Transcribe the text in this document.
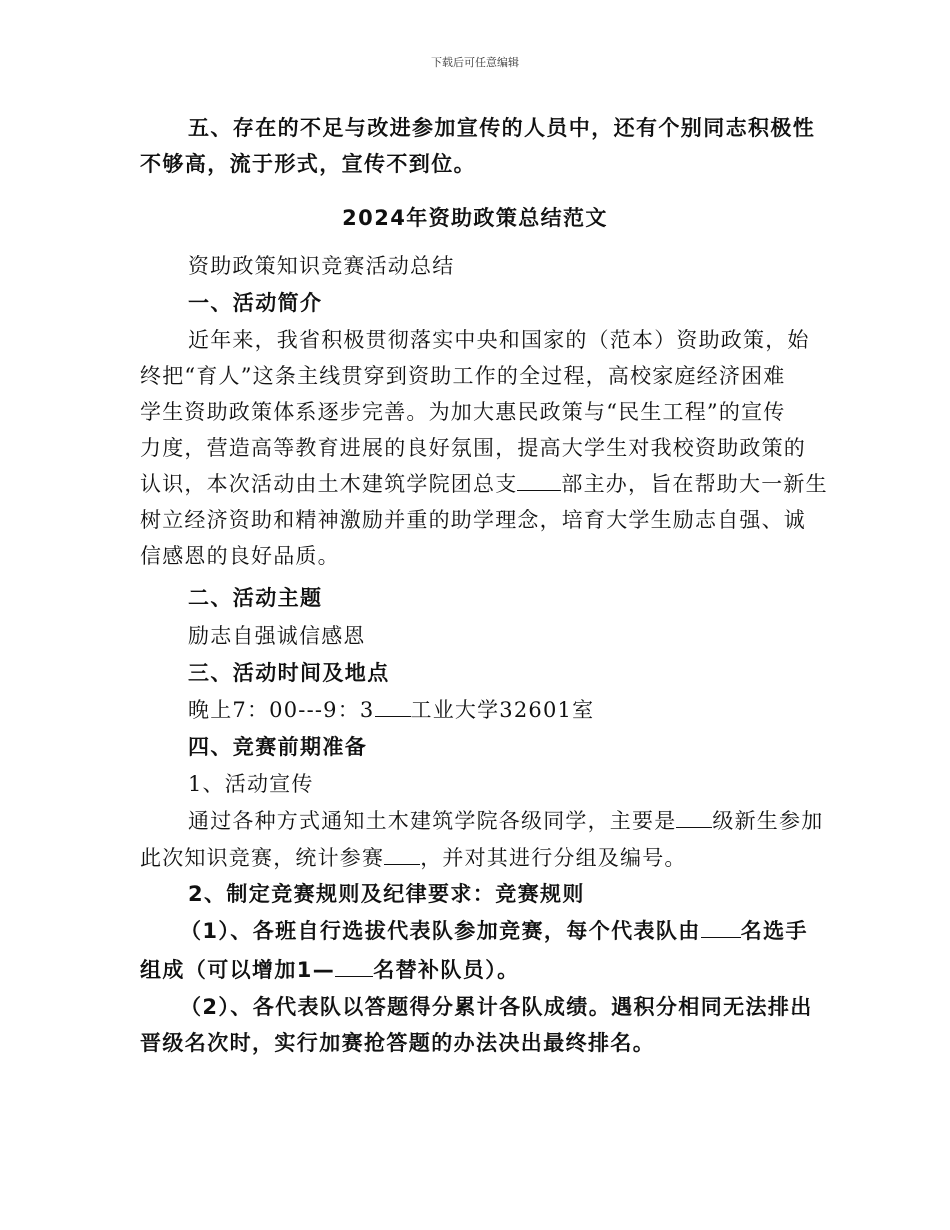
下载后可任意编辑
五、存在的不足与改进参加宣传的人员中，还有个别同志积极性
不够高，流于形式，宣传不到位。
2024年资助政策总结范文
资助政策知识竞赛活动总结
一、活动简介
近年来，我省积极贯彻落实中央和国家的（范本）资助政策，始
终把“育人”这条主线贯穿到资助工作的全过程，高校家庭经济困难
学生资助政策体系逐步完善。为加大惠民政策与“民生工程”的宣传
力度，营造高等教育进展的良好氛围，提高大学生对我校资助政策的
认识，本次活动由土木建筑学院团总支 部主办，旨在帮助大一新生
树立经济资助和精神激励并重的助学理念，培育大学生励志自强、诚
信感恩的良好品质。
二、活动主题
励志自强诚信感恩
三、活动时间及地点
晚上7：00---9：3 工业大学32601室
四、竞赛前期准备
1、活动宣传
通过各种方式通知土木建筑学院各级同学，主要是 级新生参加
此次知识竞赛，统计参赛 ，并对其进行分组及编号。
2、制定竞赛规则及纪律要求：竞赛规则
（1）、各班自行选拔代表队参加竞赛，每个代表队由 名选手
组成（可以增加1— 名替补队员）。
（2）、各代表队以答题得分累计各队成绩。遇积分相同无法排出
晋级名次时，实行加赛抢答题的办法决出最终排名。
